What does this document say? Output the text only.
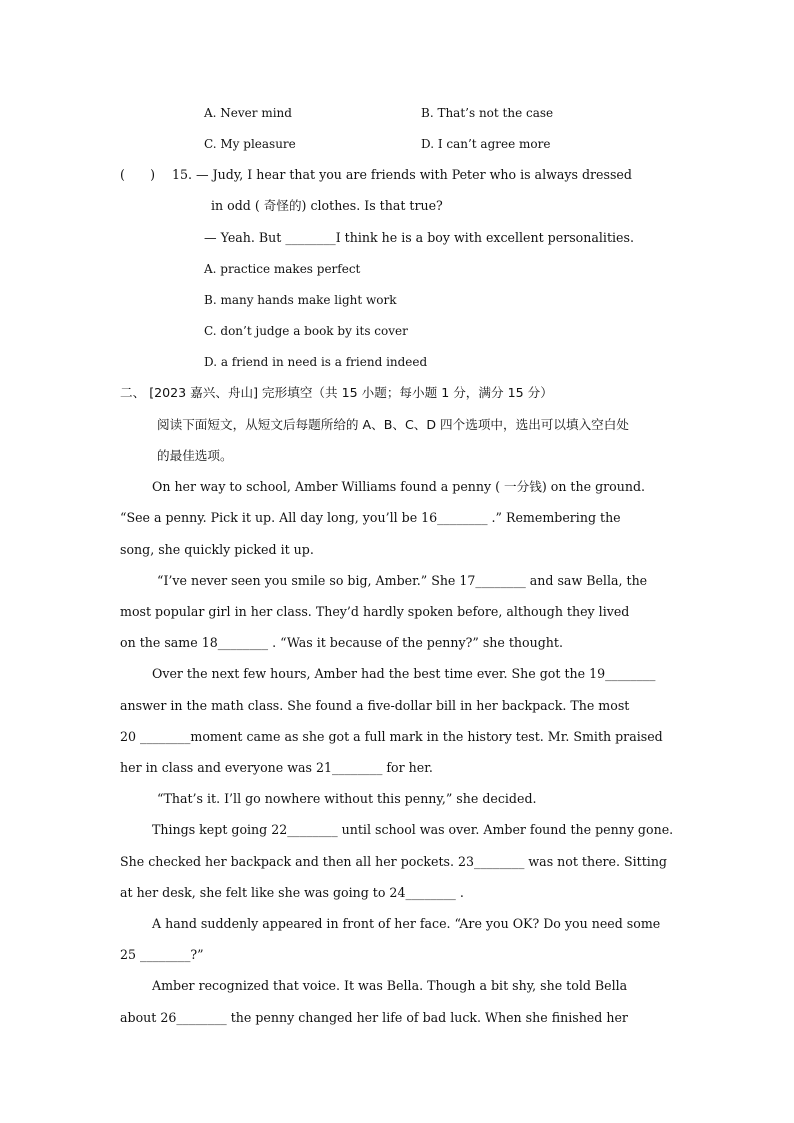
A. Never mind	B. That’s not the case
C. My pleasure	D. I can’t agree more
(　　) 15. — Judy, I hear that you are friends with Peter who is always dressed
in odd ( 奇怪的) clothes. Is that true?
— Yeah. But ________I think he is a boy with excellent personalities.
A. practice makes perfect
B. many hands make light work
C. don’t judge a book by its cover
D. a friend in need is a friend indeed
二、 [2023 嘉兴、舟山] 完形填空（共 15 小题；每小题 1 分，满分 15 分）
阅读下面短文，从短文后每题所给的 A、B、C、D 四个选项中，选出可以填入空白处
的最佳选项。
On her way to school, Amber Williams found a penny ( 一分钱) on the ground.
“See a penny. Pick it up. All day long, you’ll be 16________ .” Remembering the
song, she quickly picked it up.
“I’ve never seen you smile so big, Amber.” She 17________ and saw Bella, the
most popular girl in her class. They’d hardly spoken before, although they lived
on the same 18________ . “Was it because of the penny?” she thought.
Over the next few hours, Amber had the best time ever. She got the 19________
answer in the math class. She found a five-dollar bill in her backpack. The most
20 ________moment came as she got a full mark in the history test. Mr. Smith praised
her in class and everyone was 21________ for her.
“That’s it. I’ll go nowhere without this penny,” she decided.
Things kept going 22________ until school was over. Amber found the penny gone.
She checked her backpack and then all her pockets. 23________ was not there. Sitting
at her desk, she felt like she was going to 24________ .
A hand suddenly appeared in front of her face. “Are you OK? Do you need some
25 ________?”
Amber recognized that voice. It was Bella. Though a bit shy, she told Bella
about 26________ the penny changed her life of bad luck. When she finished her
